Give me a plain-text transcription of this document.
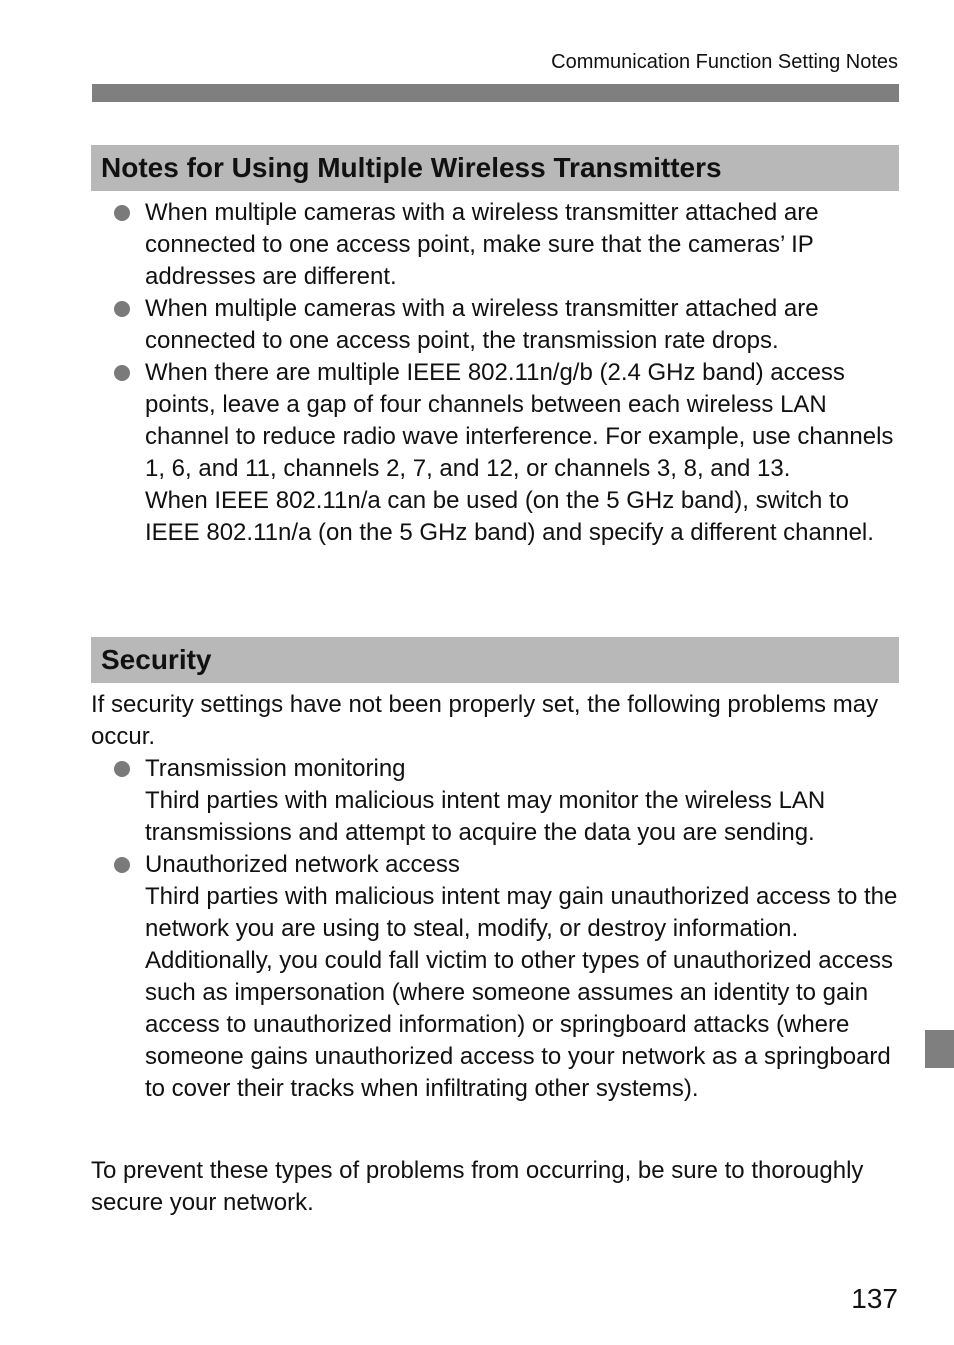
Communication Function Setting Notes
Notes for Using Multiple Wireless Transmitters

When multiple cameras with a wireless transmitter attached are connected to one access point, make sure that the cameras’ IP addresses are different.

When multiple cameras with a wireless transmitter attached are connected to one access point, the transmission rate drops.

When there are multiple IEEE 802.11n/g/b (2.4 GHz band) access points, leave a gap of four channels between each wireless LAN channel to reduce radio wave interference. For example, use channels 1, 6, and 11, channels 2, 7, and 12, or channels 3, 8, and 13.

When IEEE 802.11n/a can be used (on the 5 GHz band), switch to IEEE 802.11n/a (on the 5 GHz band) and specify a different channel.

Security

If security settings have not been properly set, the following problems may occur.

Transmission monitoring

Third parties with malicious intent may monitor the wireless LAN transmissions and attempt to acquire the data you are sending.

Unauthorized network access

Third parties with malicious intent may gain unauthorized access to the network you are using to steal, modify, or destroy information. Additionally, you could fall victim to other types of unauthorized access such as impersonation (where someone assumes an identity to gain access to unauthorized information) or springboard attacks (where someone gains unauthorized access to your network as a springboard to cover their tracks when infiltrating other systems).

To prevent these types of problems from occurring, be sure to thoroughly secure your network.

137
